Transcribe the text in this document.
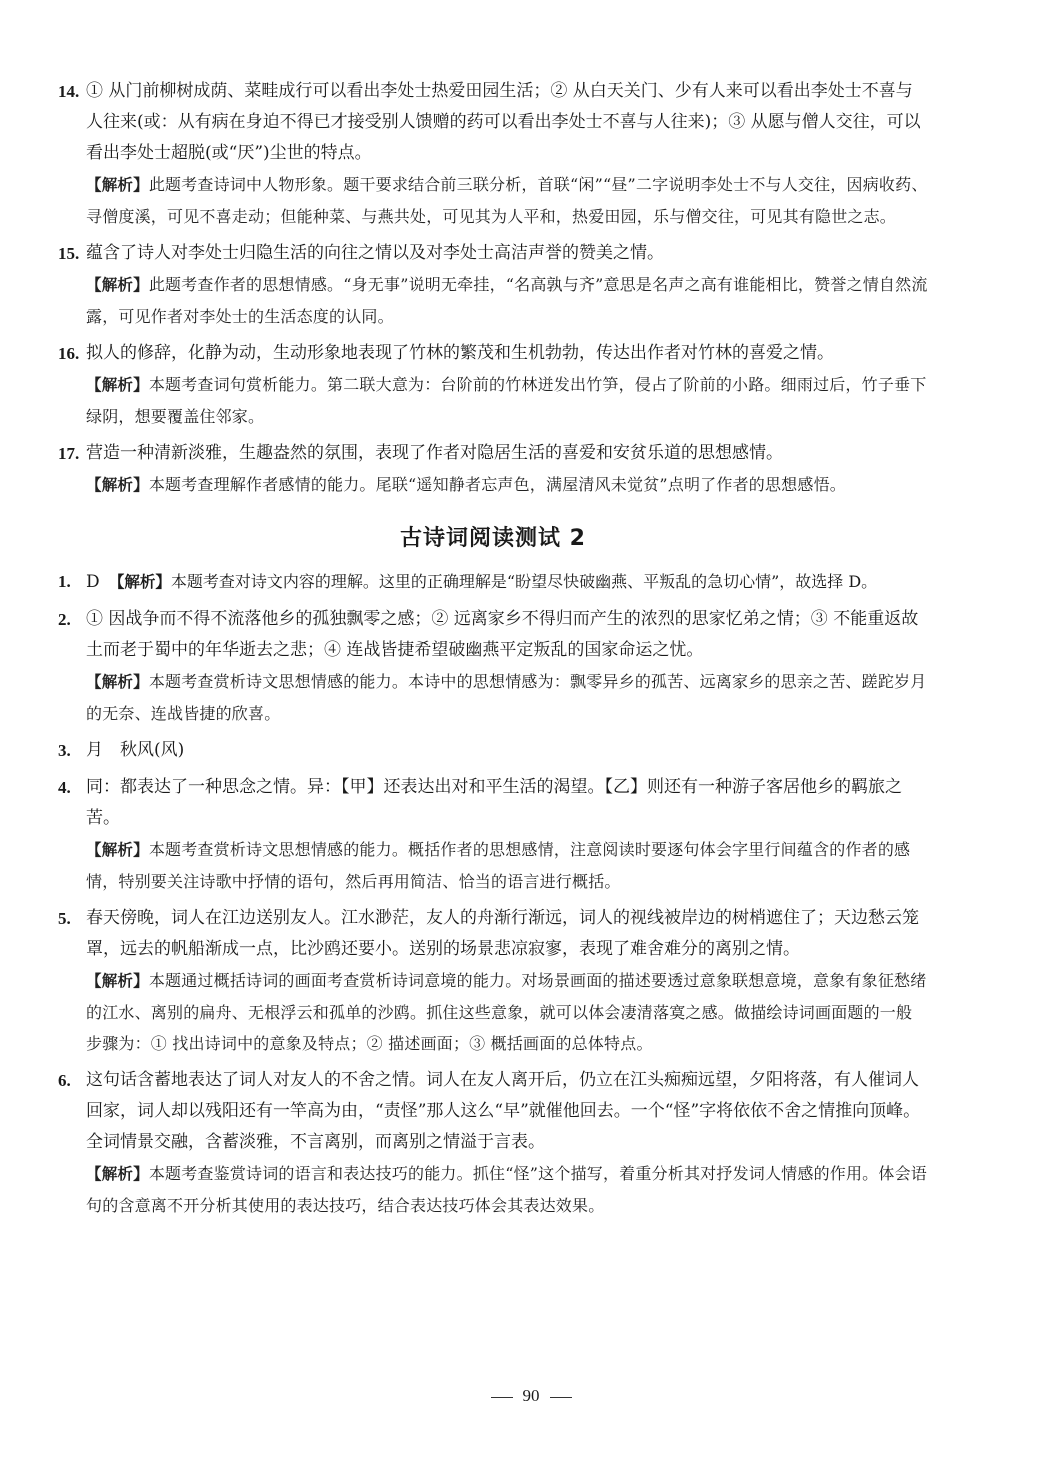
14. ① 从门前柳树成荫、菜畦成行可以看出李处士热爱田园生活；② 从白天关门、少有人来可以看出李处士不喜与人往来(或：从有病在身迫不得已才接受别人馈赠的药可以看出李处士不喜与人往来)；③ 从愿与僧人交往，可以看出李处士超脱(或“厌”)尘世的特点。

【解析】此题考查诗词中人物形象。题干要求结合前三联分析，首联“闲”“昼”二字说明李处士不与人交往，因病收药、寻僧度溪，可见不喜走动；但能种菜、与燕共处，可见其为人平和，热爱田园，乐与僧交往，可见其有隐世之志。

15. 蕴含了诗人对李处士归隐生活的向往之情以及对李处士高洁声誉的赞美之情。

【解析】此题考查作者的思想情感。“身无事”说明无牵挂，“名高孰与齐”意思是名声之高有谁能相比，赞誉之情自然流露，可见作者对李处士的生活态度的认同。

16. 拟人的修辞，化静为动，生动形象地表现了竹林的繁茂和生机勃勃，传达出作者对竹林的喜爱之情。

【解析】本题考查词句赏析能力。第二联大意为：台阶前的竹林迸发出竹笋，侵占了阶前的小路。细雨过后，竹子垂下绿阴，想要覆盖住邻家。

17. 营造一种清新淡雅，生趣盎然的氛围，表现了作者对隐居生活的喜爱和安贫乐道的思想感情。

【解析】本题考查理解作者感情的能力。尾联“遥知静者忘声色，满屋清风未觉贫”点明了作者的思想感悟。

古诗词阅读测试 2
1. D　 【解析】本题考查对诗文内容的理解。这里的正确理解是“盼望尽快破幽燕、平叛乱的急切心情”，故选择 D。

2. ① 因战争而不得不流落他乡的孤独飘零之感；② 远离家乡不得归而产生的浓烈的思家忆弟之情；③ 不能重返故土而老于蜀中的年华逝去之悲；④ 连战皆捷希望破幽燕平定叛乱的国家命运之忧。

【解析】本题考查赏析诗文思想情感的能力。本诗中的思想情感为：飘零异乡的孤苦、远离家乡的思亲之苦、蹉跎岁月的无奈、连战皆捷的欣喜。

3. 月　秋风(风)

4. 同：都表达了一种思念之情。异：【甲】还表达出对和平生活的渴望。【乙】则还有一种游子客居他乡的羁旅之苦。

【解析】本题考查赏析诗文思想情感的能力。概括作者的思想感情，注意阅读时要逐句体会字里行间蕴含的作者的感情，特别要关注诗歌中抒情的语句，然后再用简洁、恰当的语言进行概括。

5. 春天傍晚，词人在江边送别友人。江水渺茫，友人的舟渐行渐远，词人的视线被岸边的树梢遮住了；天边愁云笼罩，远去的帆船渐成一点，比沙鸥还要小。送别的场景悲凉寂寥，表现了难舍难分的离别之情。

【解析】本题通过概括诗词的画面考查赏析诗词意境的能力。对场景画面的描述要透过意象联想意境，意象有象征愁绪的江水、离别的扁舟、无根浮云和孤单的沙鸥。抓住这些意象，就可以体会凄清落寞之感。做描绘诗词画面题的一般步骤为：① 找出诗词中的意象及特点；② 描述画面；③ 概括画面的总体特点。

6. 这句话含蓄地表达了词人对友人的不舍之情。词人在友人离开后，仍立在江头痴痴远望，夕阳将落，有人催词人回家，词人却以残阳还有一竿高为由，“责怪”那人这么“早”就催他回去。一个“怪”字将依依不舍之情推向顶峰。全词情景交融，含蓄淡雅，不言离别，而离别之情溢于言表。

【解析】本题考查鉴赏诗词的语言和表达技巧的能力。抓住“怪”这个描写，着重分析其对抒发词人情感的作用。体会语句的含意离不开分析其使用的表达技巧，结合表达技巧体会其表达效果。

90
